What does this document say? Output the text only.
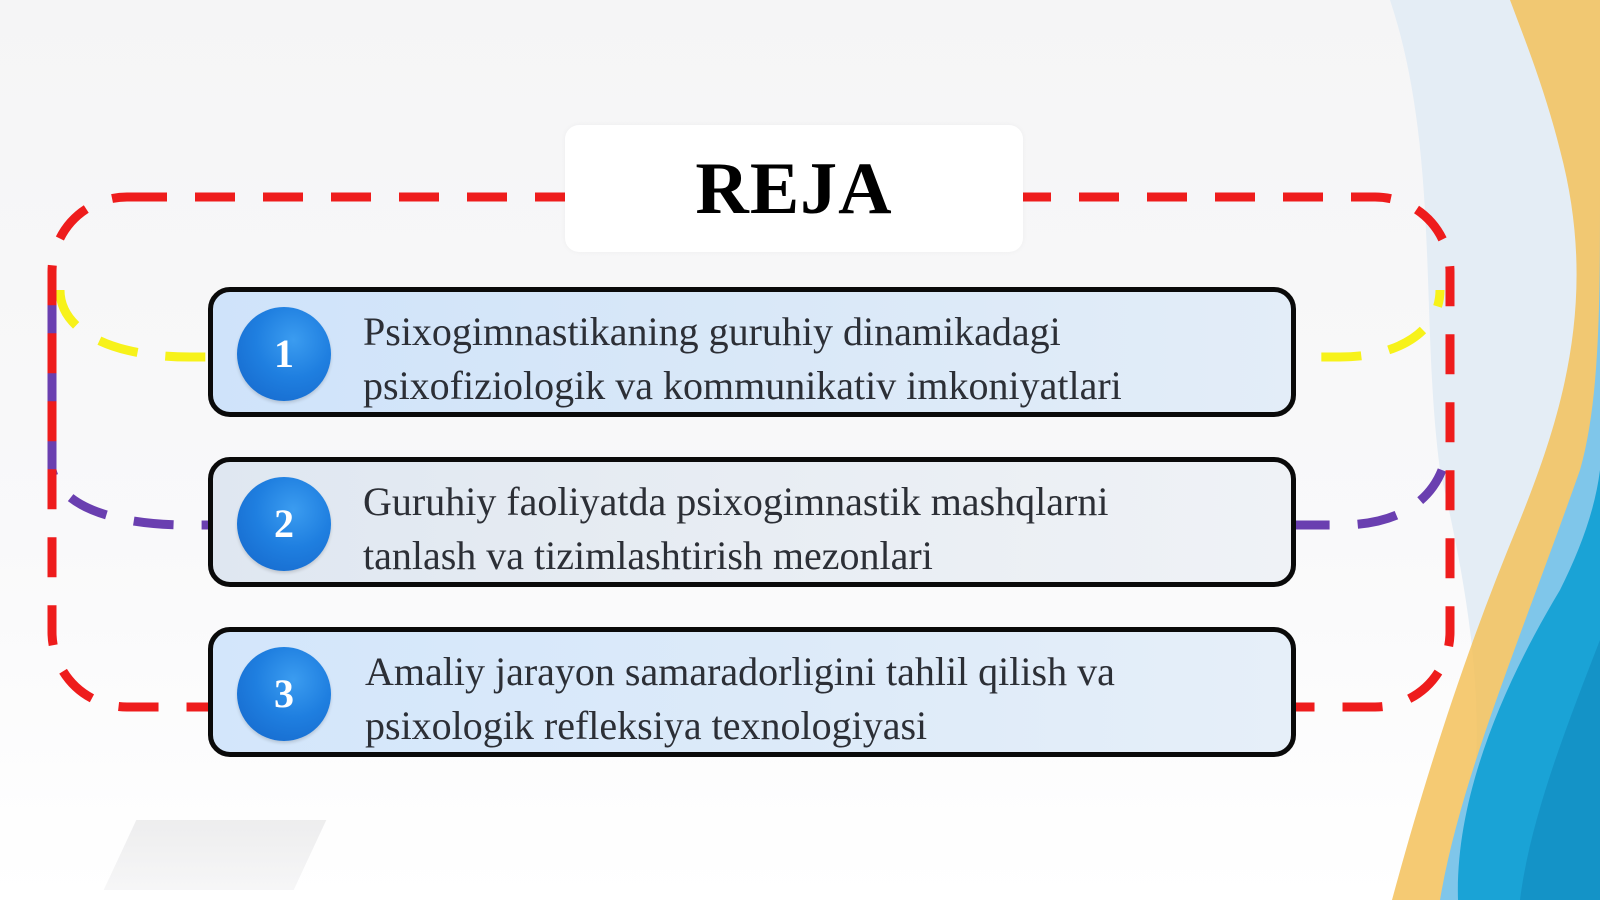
REJA
1 Psixogimnastikaning guruhiy dinamikadagi
psixofiziologik va kommunikativ imkoniyatlari
2 Guruhiy faoliyatda psixogimnastik mashqlarni
tanlash va tizimlashtirish mezonlari
3 Amaliy jarayon samaradorligini tahlil qilish va
psixologik refleksiya texnologiyasi
